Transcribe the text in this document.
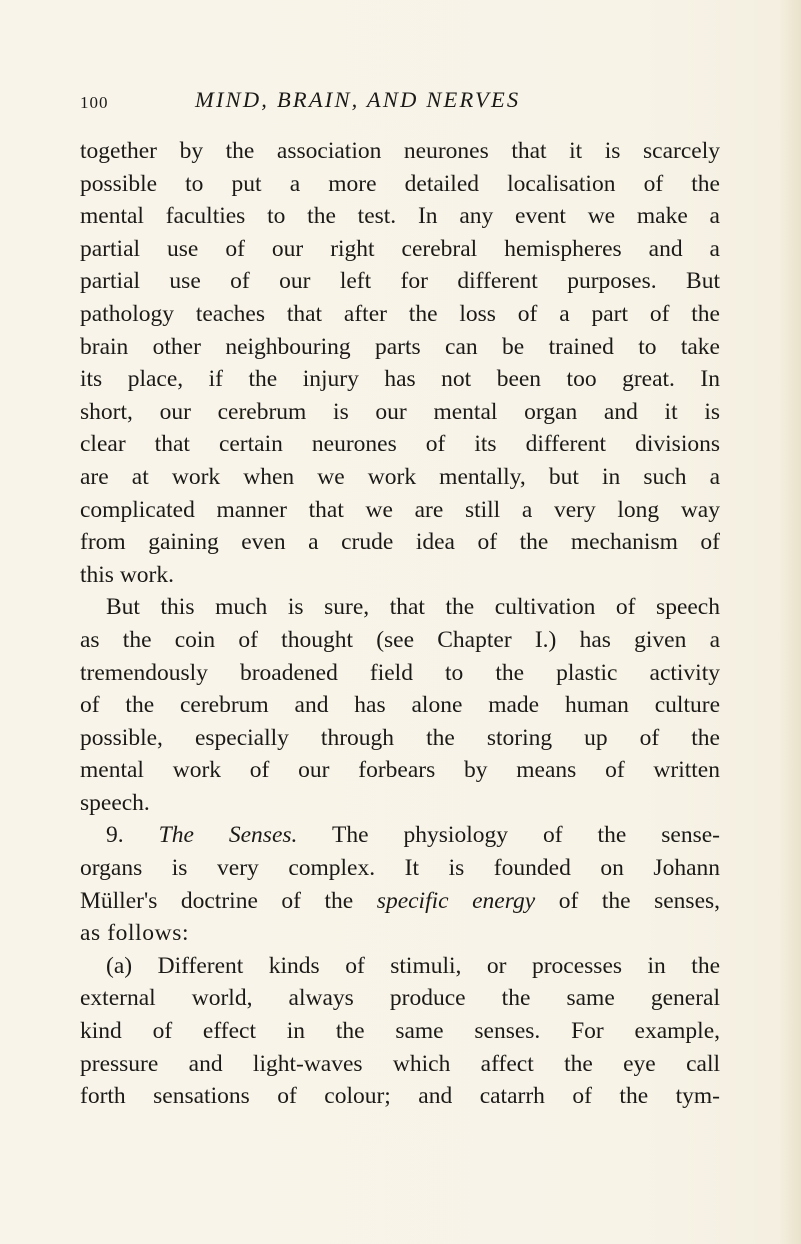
100	MIND, BRAIN, AND NERVES
together by the association neurones that it is scarcely
possible to put a more detailed localisation of the
mental faculties to the test. In any event we make a
partial use of our right cerebral hemispheres and a
partial use of our left for different purposes. But
pathology teaches that after the loss of a part of the
brain other neighbouring parts can be trained to take
its place, if the injury has not been too great. In
short, our cerebrum is our mental organ and it is
clear that certain neurones of its different divisions
are at work when we work mentally, but in such a
complicated manner that we are still a very long way
from gaining even a crude idea of the mechanism of
this work.
But this much is sure, that the cultivation of speech
as the coin of thought (see Chapter I.) has given a
tremendously broadened field to the plastic activity
of the cerebrum and has alone made human culture
possible, especially through the storing up of the
mental work of our forbears by means of written
speech.
9. The Senses. The physiology of the sense-
organs is very complex. It is founded on Johann
Müller's doctrine of the specific energy of the senses,
as follows:
(a) Different kinds of stimuli, or processes in the
external world, always produce the same general
kind of effect in the same senses. For example,
pressure and light-waves which affect the eye call
forth sensations of colour; and catarrh of the tym-
